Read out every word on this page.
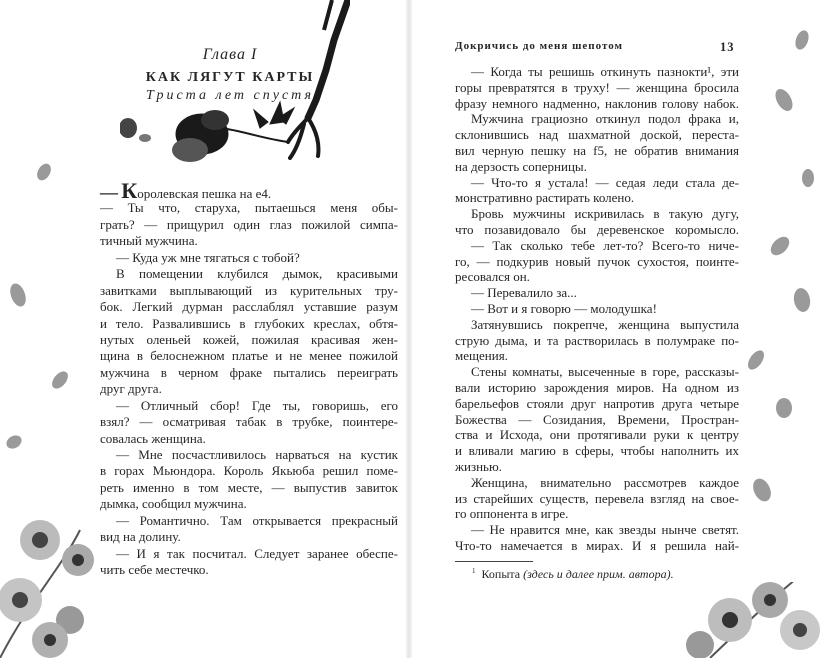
Глава I
КАК ЛЯГУТ КАРТЫ
Триста лет спустя
— Королевская пешка на е4.
— Ты что, старуха, пытаешься меня обы-
грать? — прищурил один глаз пожилой симпа-
тичный мужчина.
— Куда уж мне тягаться с тобой?
В помещении клубился дымок, красивыми
завитками выплывающий из курительных тру-
бок. Легкий дурман расслаблял уставшие разум
и тело. Развалившись в глубоких креслах, обтя-
нутых оленьей кожей, пожилая красивая жен-
щина в белоснежном платье и не менее пожилой
мужчина в черном фраке пытались переиграть
друг друга.
— Отличный сбор! Где ты, говоришь, его
взял? — осматривая табак в трубке, поинтере-
совалась женщина.
— Мне посчастливилось нарваться на кустик
в горах Мьюндора. Король Якьюба решил поме-
реть именно в том месте, — выпустив завиток
дымка, сообщил мужчина.
— Романтично. Там открывается прекрасный
вид на долину.
— И я так посчитал. Следует заранее обеспе-
чить себе местечко.
Докричись до меня шепотом	13
— Когда ты решишь откинуть пазнокти¹, эти
горы превратятся в труху! — женщина бросила
фразу немного надменно, наклонив голову набок.
Мужчина грациозно откинул подол фрака и,
склонившись над шахматной доской, переста-
вил черную пешку на f5, не обратив внимания
на дерзость соперницы.
— Что-то я устала! — седая леди стала де-
монстративно растирать колено.
Бровь мужчины искривилась в такую дугу,
что позавидовало бы деревенское коромысло.
— Так сколько тебе лет-то? Всего-то ниче-
го, — подкурив новый пучок сухостоя, поинте-
ресовался он.
— Перевалило за...
— Вот и я говорю — молодушка!
Затянувшись покрепче, женщина выпустила
струю дыма, и та растворилась в полумраке по-
мещения.
Стены комнаты, высеченные в горе, рассказы-
вали историю зарождения миров. На одном из
барельефов стояли друг напротив друга четыре
Божества — Созидания, Времени, Простран-
ства и Исхода, они протягивали руки к центру
и вливали магию в сферы, чтобы наполнить их
жизнью.
Женщина, внимательно рассмотрев каждое
из старейших существ, перевела взгляд на свое-
го оппонента в игре.
— Не нравится мне, как звезды нынче светят.
Что-то намечается в мирах. И я решила най-
$^1$ Копыта (здесь и далее прим. автора).
